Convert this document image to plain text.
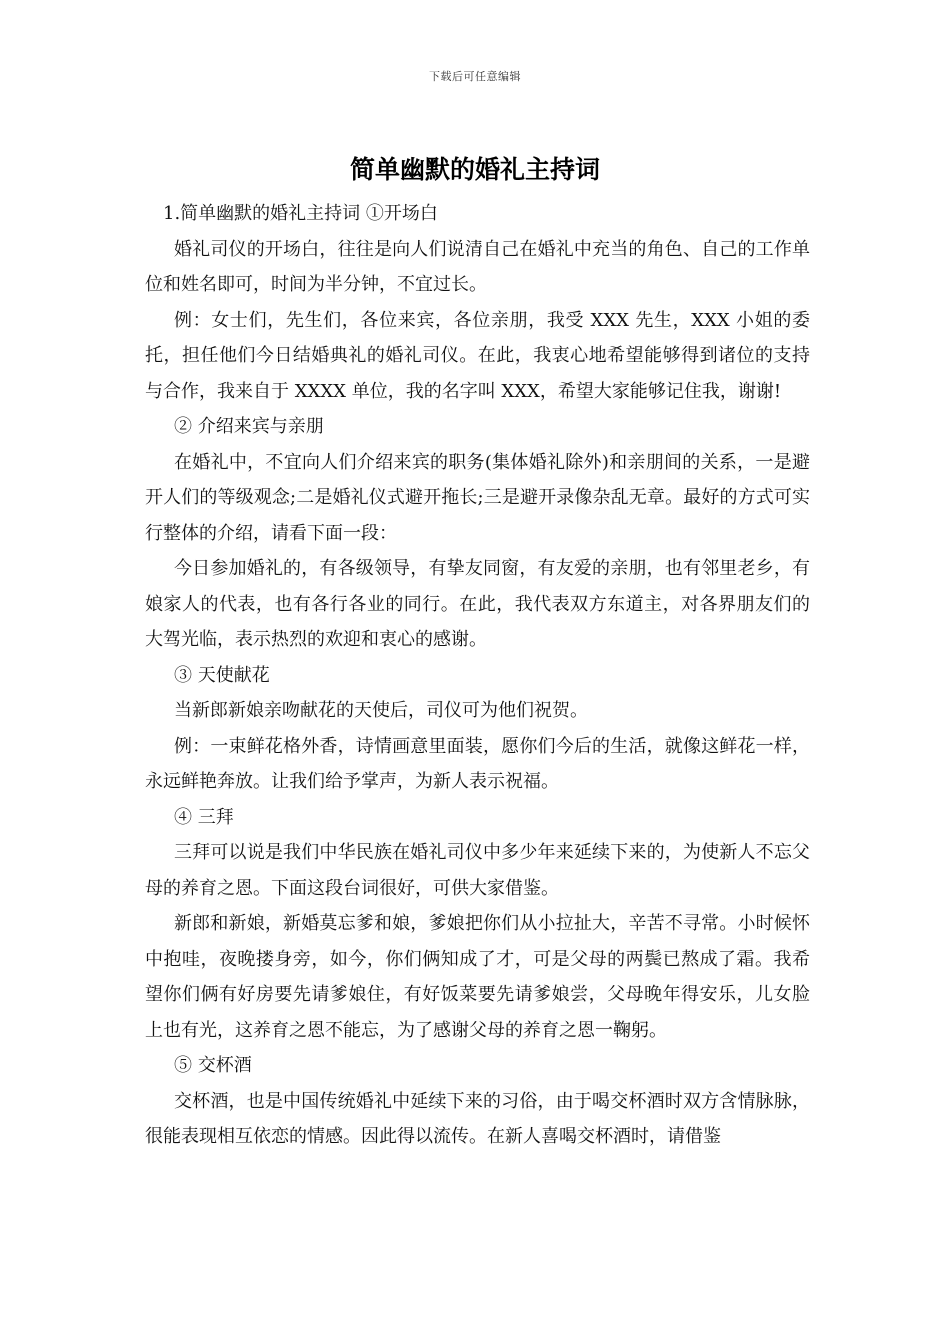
下载后可任意编辑
简单幽默的婚礼主持词

1.简单幽默的婚礼主持词 ①开场白

婚礼司仪的开场白，往往是向人们说清自己在婚礼中充当的角色、自己的工作单位和姓名即可，时间为半分钟，不宜过长。

例：女士们，先生们，各位来宾，各位亲朋，我受 XXX 先生，XXX 小姐的委托，担任他们今日结婚典礼的婚礼司仪。在此，我衷心地希望能够得到诸位的支持与合作，我来自于 XXXX 单位，我的名字叫 XXX，希望大家能够记住我，谢谢!

② 介绍来宾与亲朋

在婚礼中，不宜向人们介绍来宾的职务(集体婚礼除外)和亲朋间的关系，一是避开人们的等级观念;二是婚礼仪式避开拖长;三是避开录像杂乱无章。最好的方式可实行整体的介绍，请看下面一段：

今日参加婚礼的，有各级领导，有挚友同窗，有友爱的亲朋，也有邻里老乡，有娘家人的代表，也有各行各业的同行。在此，我代表双方东道主，对各界朋友们的大驾光临，表示热烈的欢迎和衷心的感谢。

③ 天使献花

当新郎新娘亲吻献花的天使后，司仪可为他们祝贺。

例：一束鲜花格外香，诗情画意里面装，愿你们今后的生活，就像这鲜花一样，永远鲜艳奔放。让我们给予掌声，为新人表示祝福。

④ 三拜

三拜可以说是我们中华民族在婚礼司仪中多少年来延续下来的，为使新人不忘父母的养育之恩。下面这段台词很好，可供大家借鉴。

新郎和新娘，新婚莫忘爹和娘，爹娘把你们从小拉扯大，辛苦不寻常。小时候怀中抱哇，夜晚搂身旁，如今，你们俩知成了才，可是父母的两鬓已熬成了霜。我希望你们俩有好房要先请爹娘住，有好饭菜要先请爹娘尝，父母晚年得安乐，儿女脸上也有光，这养育之恩不能忘，为了感谢父母的养育之恩一鞠躬。

⑤ 交杯酒

交杯酒，也是中国传统婚礼中延续下来的习俗，由于喝交杯酒时双方含情脉脉，很能表现相互依恋的情感。因此得以流传。在新人喜喝交杯酒时，请借鉴
